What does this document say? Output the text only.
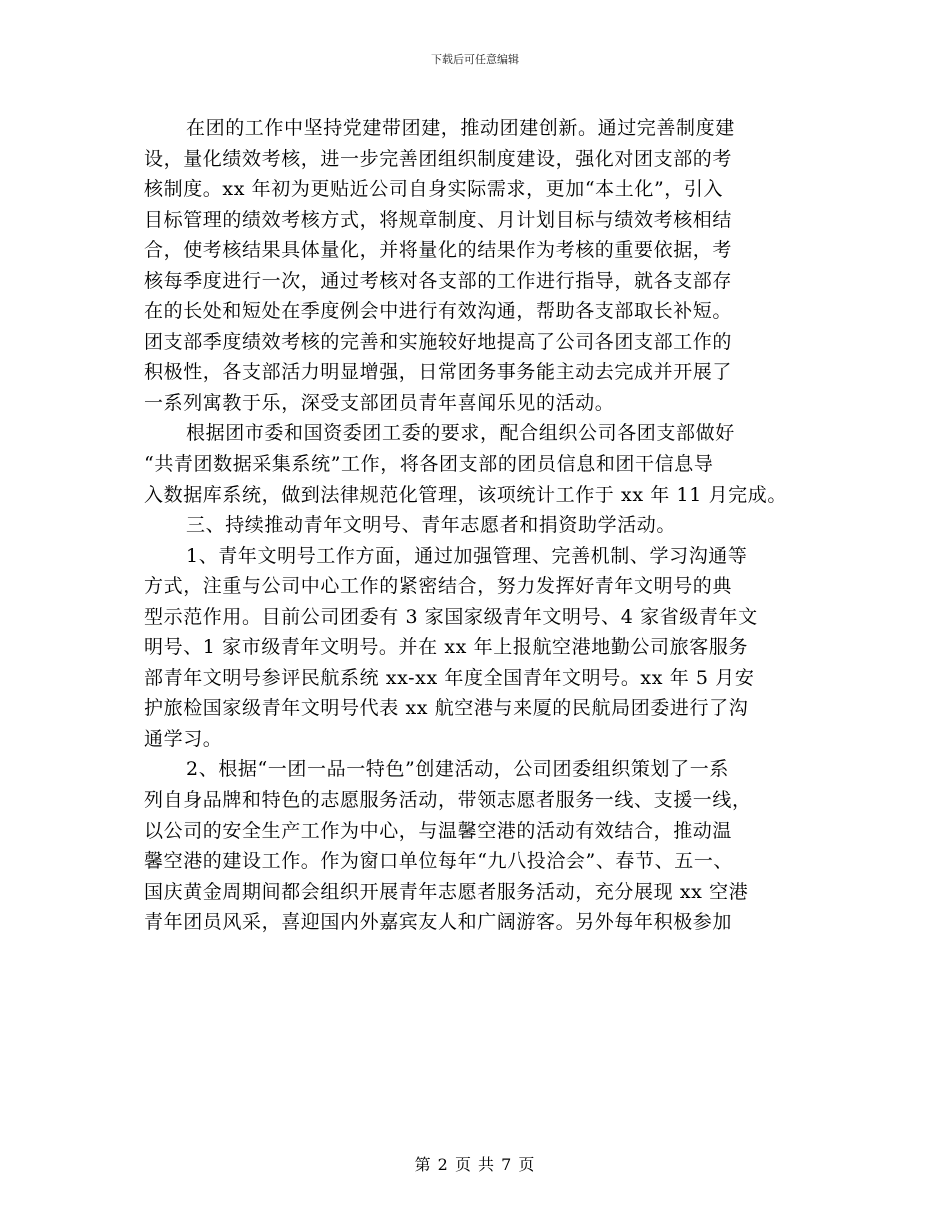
下载后可任意编辑
在团的工作中坚持党建带团建，推动团建创新。通过完善制度建
设，量化绩效考核，进一步完善团组织制度建设，强化对团支部的考
核制度。xx 年初为更贴近公司自身实际需求，更加“本土化”，引入
目标管理的绩效考核方式，将规章制度、月计划目标与绩效考核相结
合，使考核结果具体量化，并将量化的结果作为考核的重要依据，考
核每季度进行一次，通过考核对各支部的工作进行指导，就各支部存
在的长处和短处在季度例会中进行有效沟通，帮助各支部取长补短。
团支部季度绩效考核的完善和实施较好地提高了公司各团支部工作的
积极性，各支部活力明显增强，日常团务事务能主动去完成并开展了
一系列寓教于乐，深受支部团员青年喜闻乐见的活动。
根据团市委和国资委团工委的要求，配合组织公司各团支部做好
“共青团数据采集系统”工作，将各团支部的团员信息和团干信息导
入数据库系统，做到法律规范化管理，该项统计工作于 xx 年 11 月完成。
三、持续推动青年文明号、青年志愿者和捐资助学活动。
1、青年文明号工作方面，通过加强管理、完善机制、学习沟通等
方式，注重与公司中心工作的紧密结合，努力发挥好青年文明号的典
型示范作用。目前公司团委有 3 家国家级青年文明号、4 家省级青年文
明号、1 家市级青年文明号。并在 xx 年上报航空港地勤公司旅客服务
部青年文明号参评民航系统 xx-xx 年度全国青年文明号。xx 年 5 月安
护旅检国家级青年文明号代表 xx 航空港与来厦的民航局团委进行了沟
通学习。
2、根据“一团一品一特色”创建活动，公司团委组织策划了一系
列自身品牌和特色的志愿服务活动，带领志愿者服务一线、支援一线，
以公司的安全生产工作为中心，与温馨空港的活动有效结合，推动温
馨空港的建设工作。作为窗口单位每年“九八投洽会”、春节、五一、
国庆黄金周期间都会组织开展青年志愿者服务活动，充分展现 xx 空港
青年团员风采，喜迎国内外嘉宾友人和广阔游客。另外每年积极参加
第 2 页 共 7 页
